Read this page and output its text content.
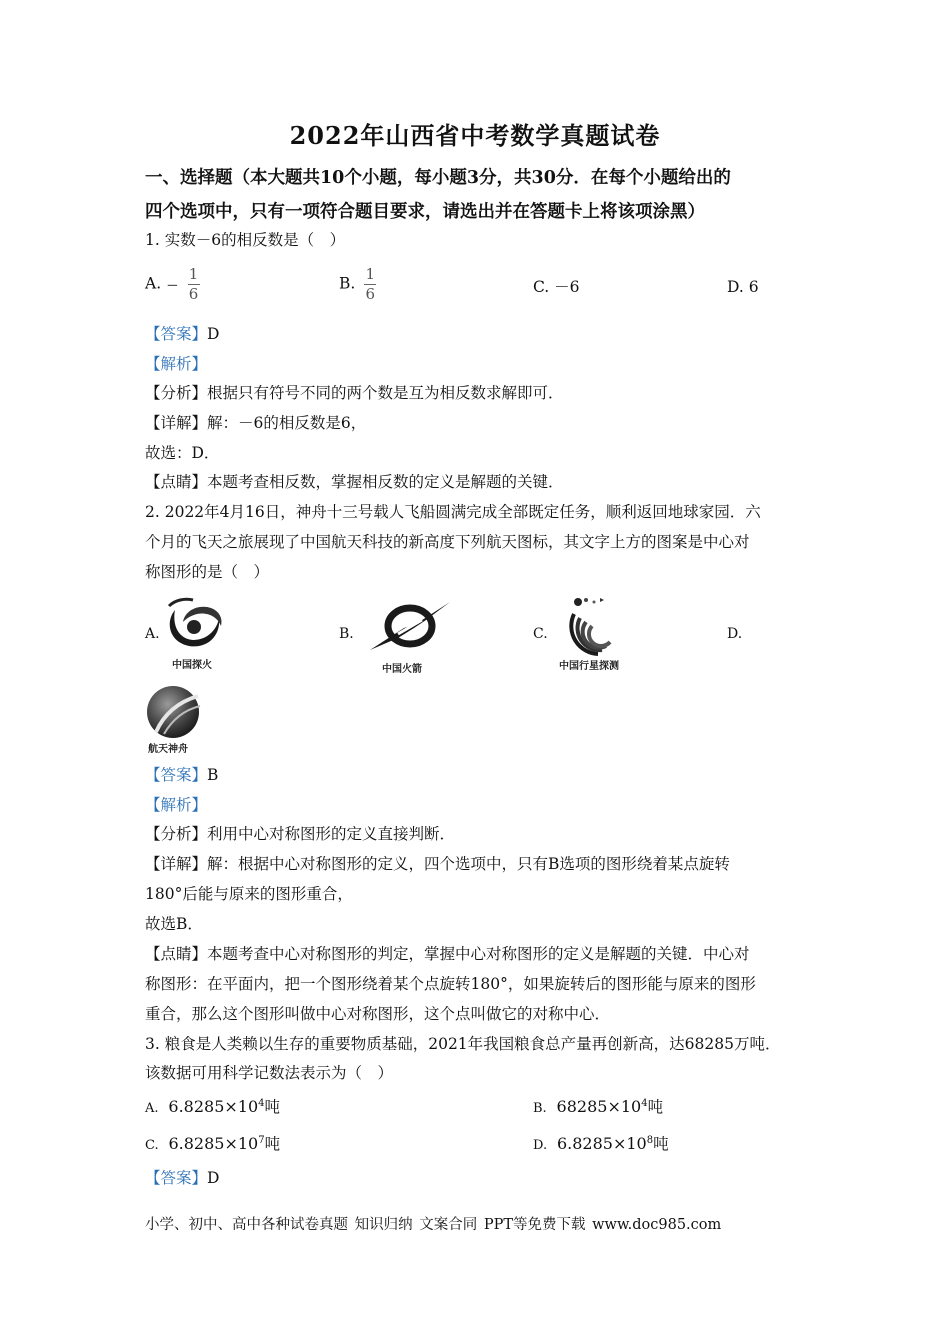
2022年山西省中考数学真题试卷
一、选择题（本大题共10个小题，每小题3分，共30分．在每个小题给出的
四个选项中，只有一项符合题目要求，请选出并在答题卡上将该项涂黑）
1. 实数－6的相反数是（　）
A. − $\frac{1}{6}$	B. $\frac{1}{6}$	C. －6	D. 6
【答案】D
【解析】
【分析】根据只有符号不同的两个数是互为相反数求解即可．
【详解】解：－6的相反数是6，
故选：D．
【点睛】本题考查相反数，掌握相反数的定义是解题的关键．
2. 2022年4月16日，神舟十三号载人飞船圆满完成全部既定任务，顺利返回地球家园．六
个月的飞天之旅展现了中国航天科技的新高度下列航天图标，其文字上方的图案是中心对
称图形的是（　）
A.
中国探火
B.
中国火箭
C.
中国行星探测
D.
航天神舟
【答案】B
【解析】
【分析】利用中心对称图形的定义直接判断．
【详解】解：根据中心对称图形的定义，四个选项中，只有B选项的图形绕着某点旋转
180°后能与原来的图形重合，
故选B．
【点睛】本题考查中心对称图形的判定，掌握中心对称图形的定义是解题的关键．中心对
称图形：在平面内，把一个图形绕着某个点旋转180°，如果旋转后的图形能与原来的图形
重合，那么这个图形叫做中心对称图形，这个点叫做它的对称中心．
3. 粮食是人类赖以生存的重要物质基础，2021年我国粮食总产量再创新高，达68285万吨．
该数据可用科学记数法表示为（　）
A. $6.8285\times 10^4$吨	B. $68285\times 10^4$吨
C. $6.8285\times 10^7$吨	D. $6.8285\times 10^8$吨
【答案】D
小学、初中、高中各种试卷真题 知识归纳 文案合同 PPT等免费下载 www.doc985.com
